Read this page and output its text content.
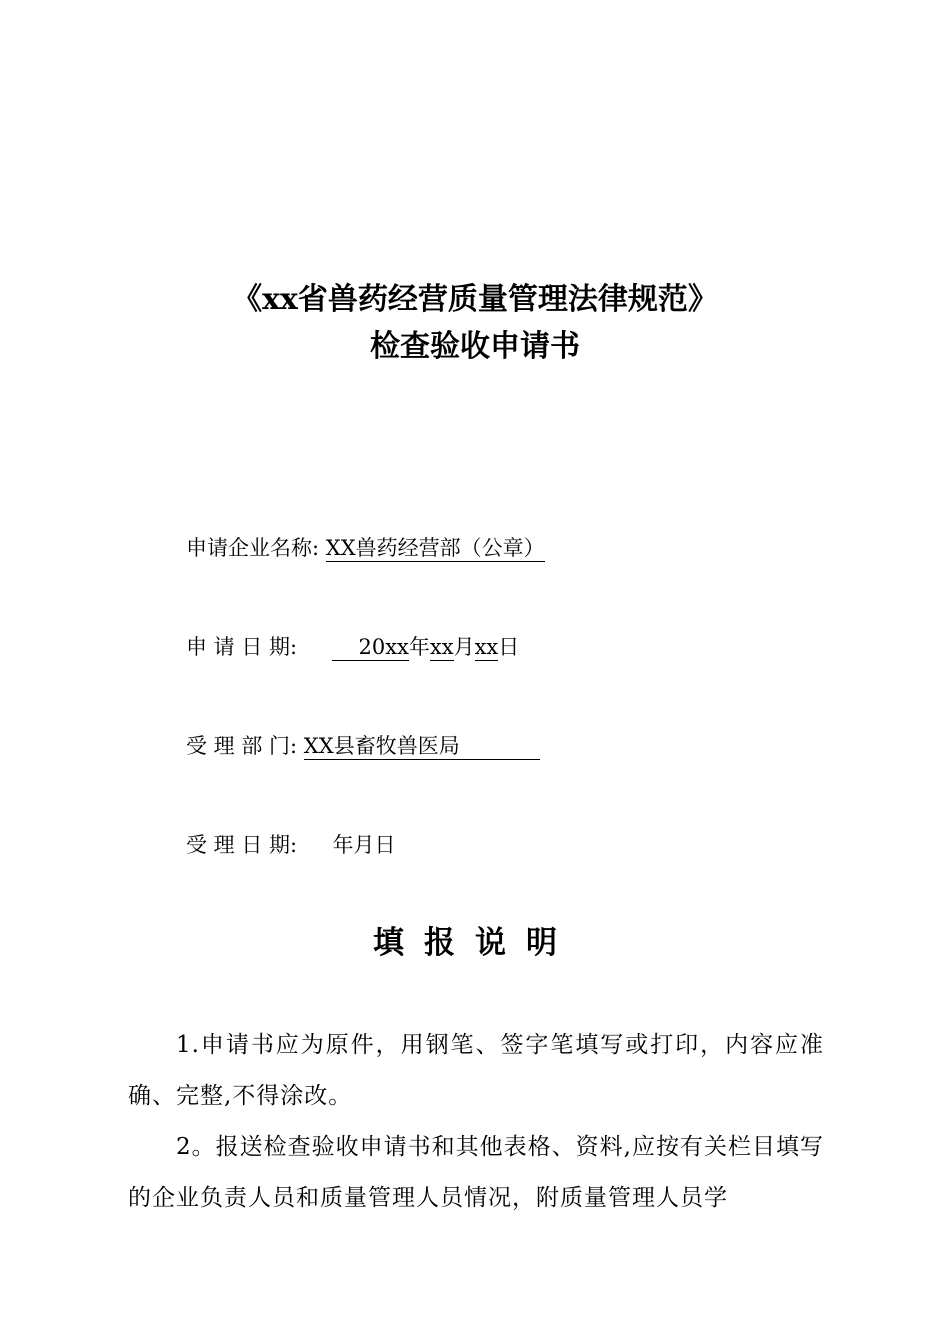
《xx省兽药经营质量管理法律规范》
检查验收申请书
申请企业名称: XX兽药经营部（公章）
申 请 日 期:	20xx年xx月xx日
受 理 部 门: XX县畜牧兽医局
受 理 日 期: 年月日
填报说明

1.申请书应为原件，用钢笔、签字笔填写或打印，内容应准确、完整,不得涂改。

2。报送检查验收申请书和其他表格、资料,应按有关栏目填写的企业负责人员和质量管理人员情况，附质量管理人员学
